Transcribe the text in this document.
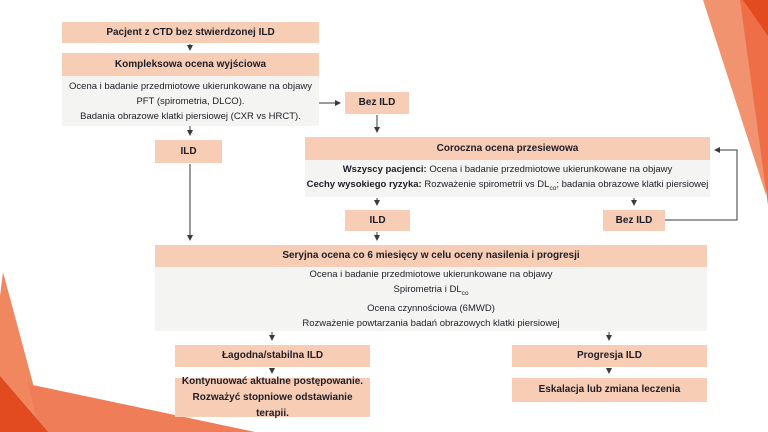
Pacjent z CTD bez stwierdzonej ILD
Kompleksowa ocena wyjściowa
Ocena i badanie przedmiotowe ukierunkowane na objawy
PFT (spirometria, DLCO).
Badania obrazowe klatki piersiowej (CXR vs HRCT).
Bez ILD
ILD	Coroczna ocena przesiewowa
Wszyscy pacjenci: Ocena i badanie przedmiotowe ukierunkowane na objawy
Cechy wysokiego ryzyka: Rozważenie spirometrii vs $DL_{co}$; badania obrazowe klatki piersiowej
ILD	Bez ILD
Seryjna ocena co 6 miesięcy w celu oceny nasilenia i progresji
Ocena i badanie przedmiotowe ukierunkowane na objawy
Spirometria i $DL_{co}$
Ocena czynnościowa (6MWD)
Rozważenie powtarzania badań obrazowych klatki piersiowej
Łagodna/stabilna ILD
Kontynuować aktualne postępowanie.
Rozważyć stopniowe odstawianie terapii.
Progresja ILD
Eskalacja lub zmiana leczenia
